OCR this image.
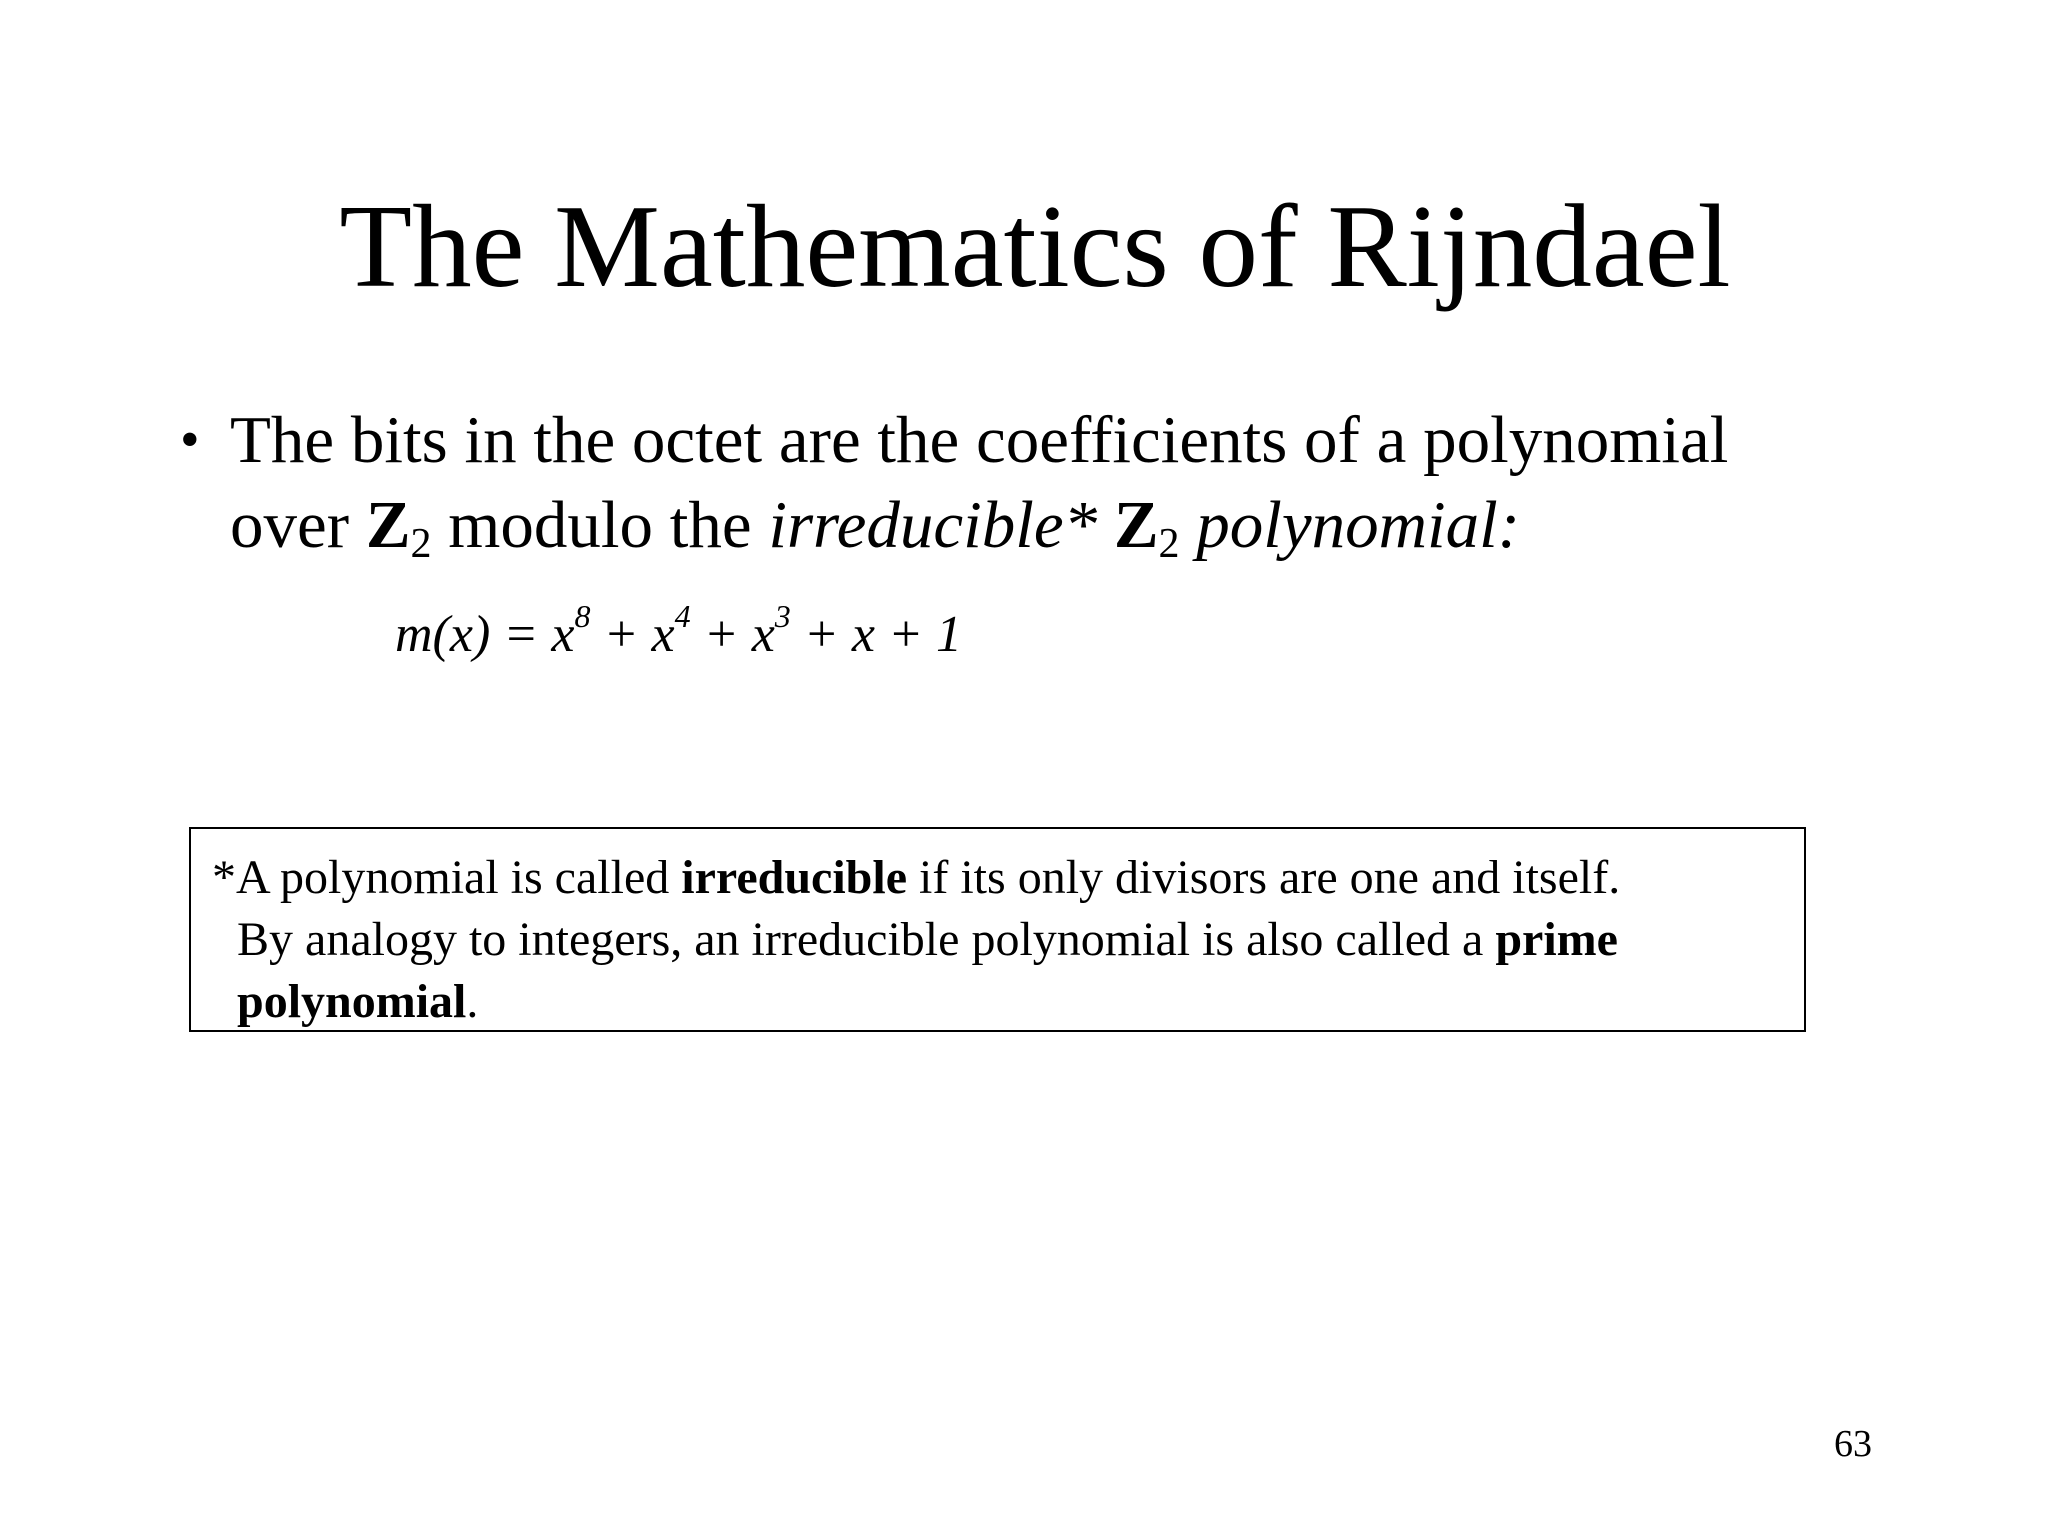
The Mathematics of Rijndael
• The bits in the octet are the coefficients of a polynomial
over $Z_2$ modulo the irreducible* $Z_2$ polynomial:
$m(x) = x^8 + x^4 + x^3 + x + 1$
*A polynomial is called irreducible if its only divisors are one and itself.
By analogy to integers, an irreducible polynomial is also called a prime
polynomial.
63
